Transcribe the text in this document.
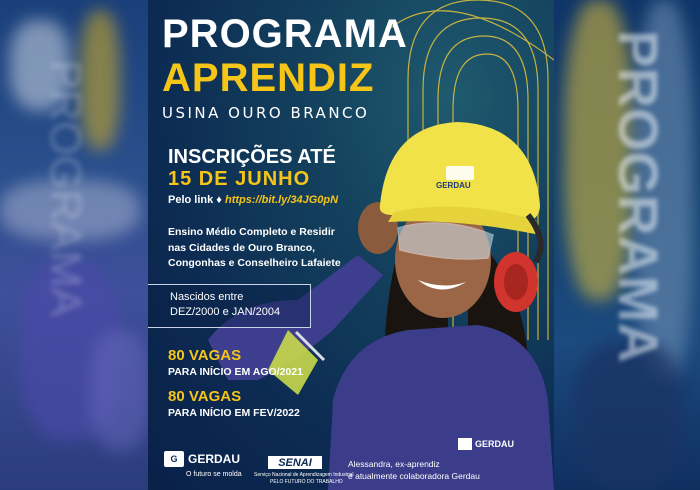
PROGRAMA	PROGRAMA
GERDAU
GERDAU
PROGRAMA
APRENDIZ

USINA OURO BRANCO

INSCRIÇÕES ATÉ

15 DE JUNHO

Pelo link ♦ https://bit.ly/34JG0pN

Ensino Médio Completo e Residir nas Cidades de Ouro Branco, Congonhas e Conselheiro Lafaiete

Nascidos entre
DEZ/2000 e JAN/2004

80 VAGAS

PARA INÍCIO EM AGO/2021

80 VAGAS

PARA INÍCIO EM FEV/2022

G GERDAU
O futuro se molda
SENAI
Serviço Nacional de Aprendizagem Industrial
PELO FUTURO DO TRABALHO

Alessandra, ex-aprendiz
e atualmente colaboradora Gerdau
